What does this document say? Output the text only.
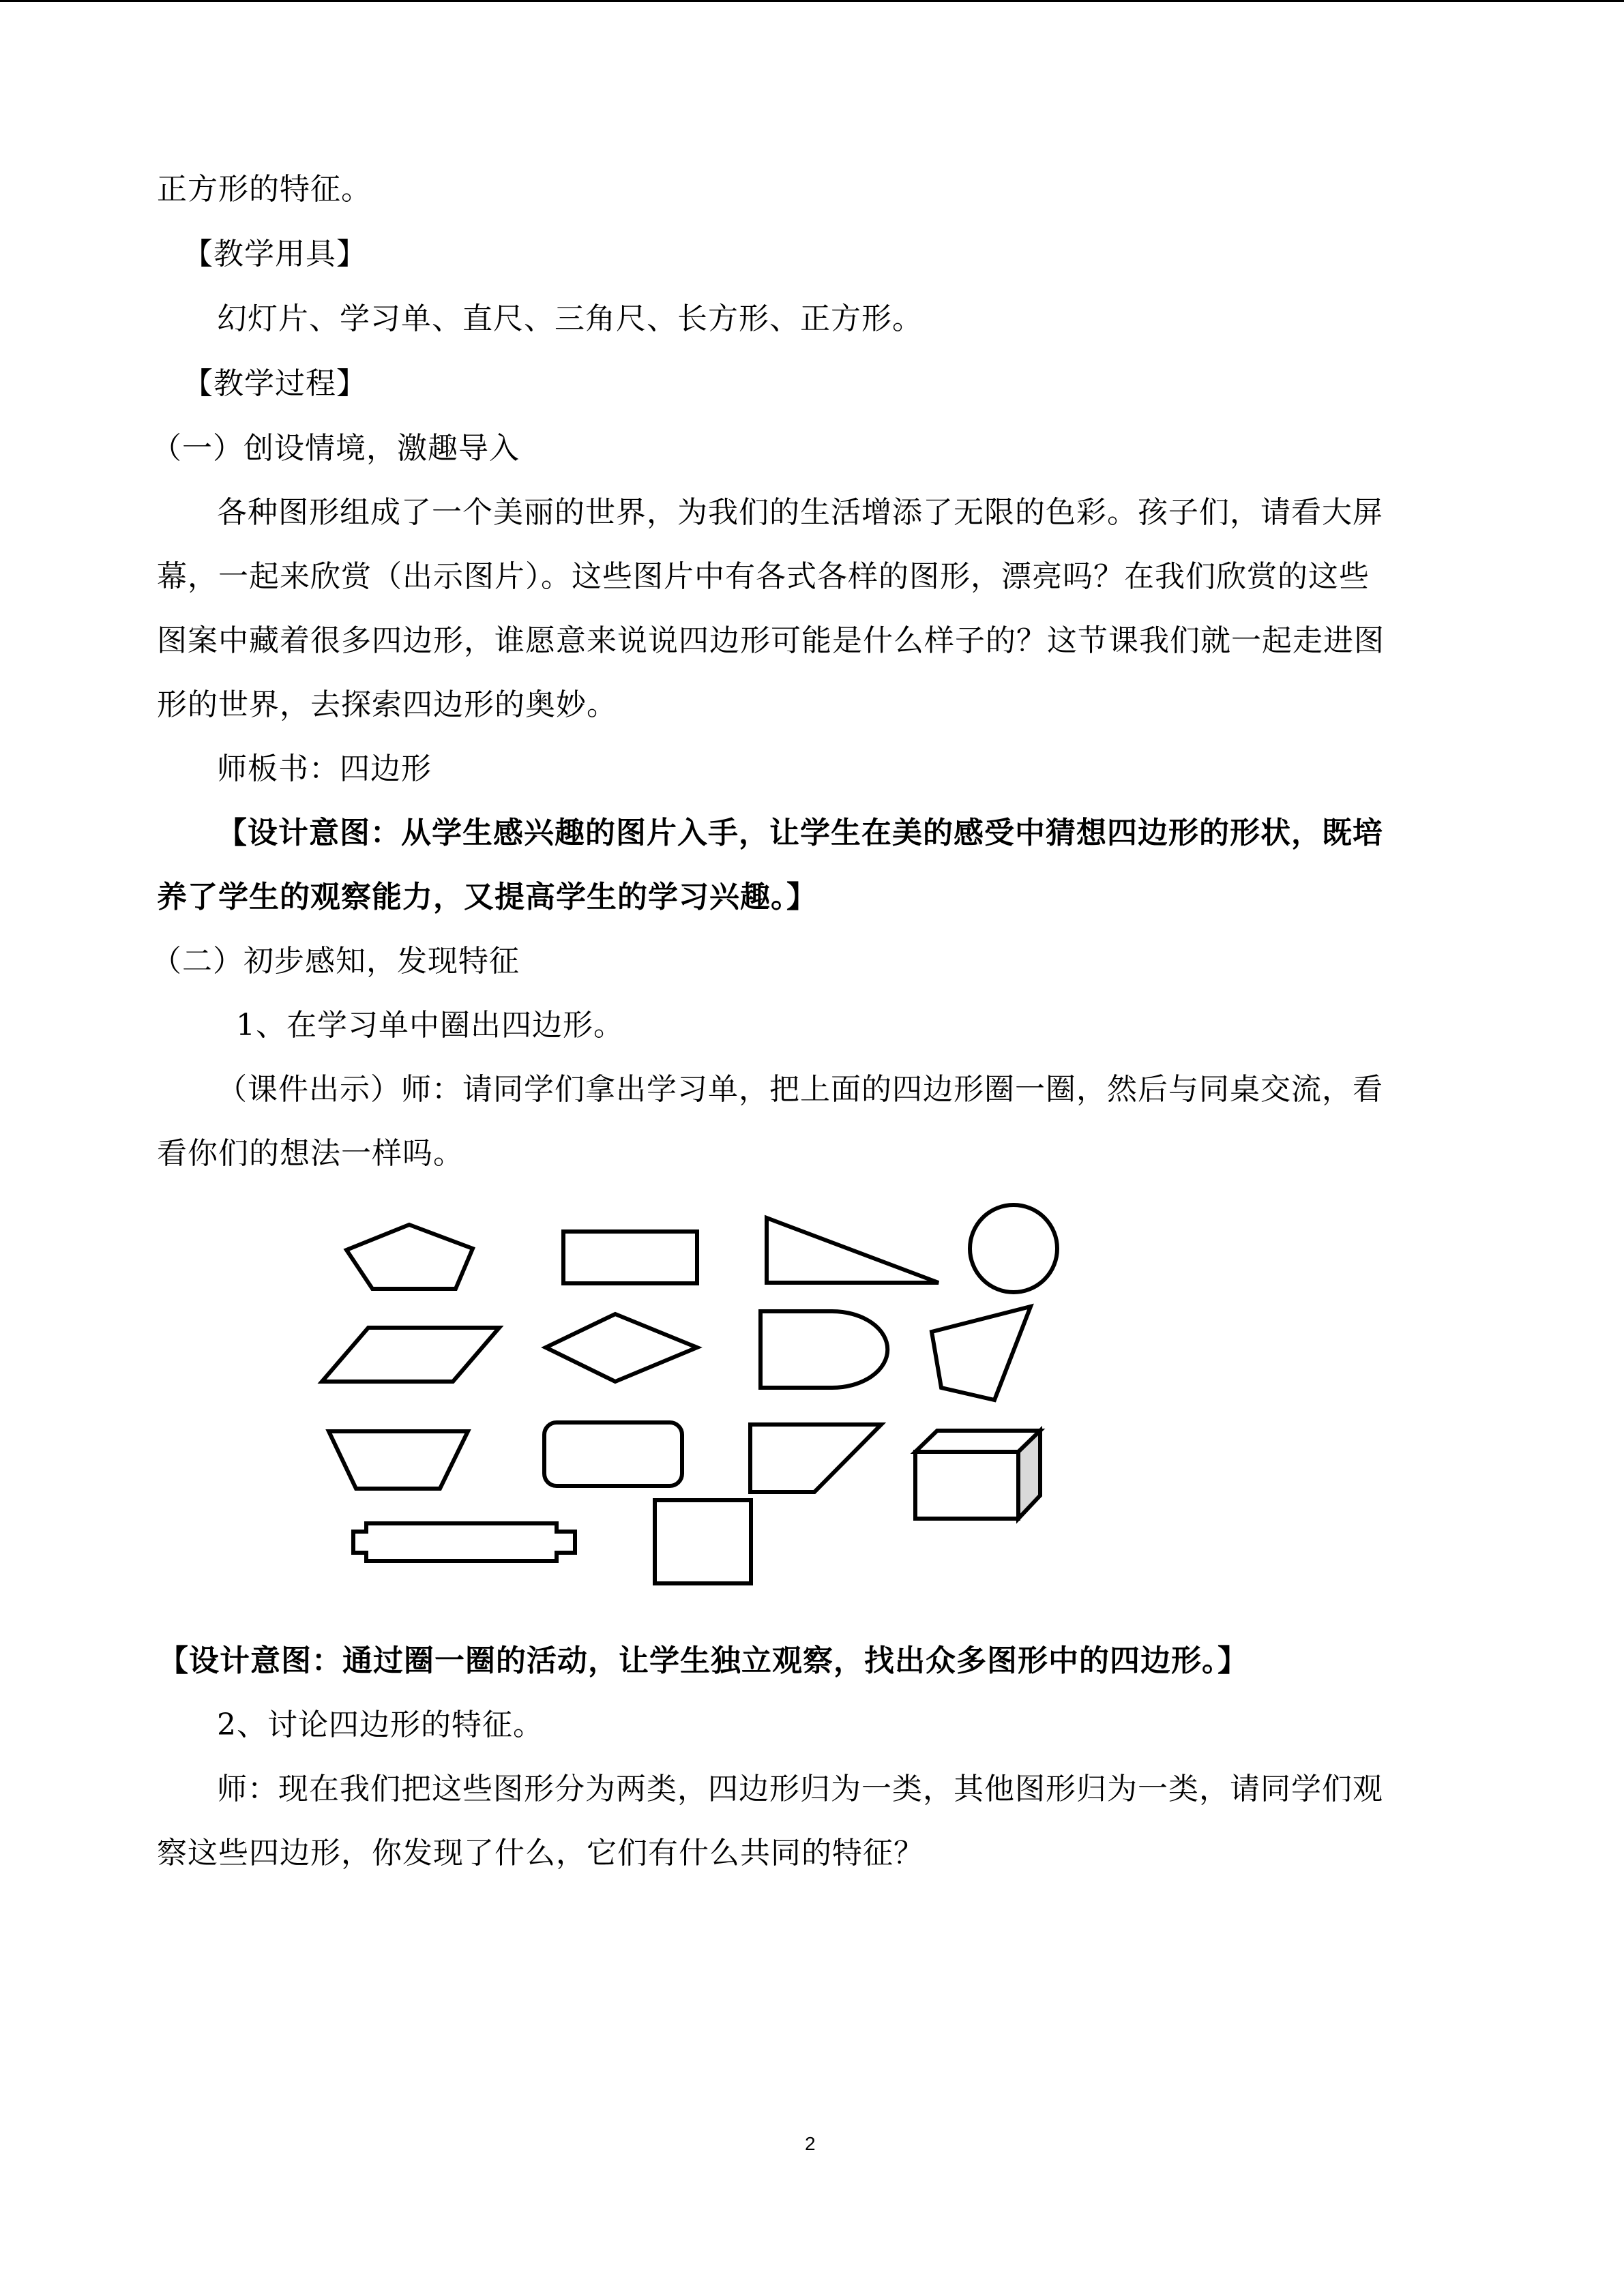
正方形的特征。

【教学用具】

幻灯片、学习单、直尺、三角尺、长方形、正方形。

【教学过程】

（一）创设情境，激趣导入

各种图形组成了一个美丽的世界，为我们的生活增添了无限的色彩。孩子们，请看大屏

幕，一起来欣赏（出示图片）。这些图片中有各式各样的图形，漂亮吗？在我们欣赏的这些

图案中藏着很多四边形，谁愿意来说说四边形可能是什么样子的？这节课我们就一起走进图

形的世界，去探索四边形的奥妙。

师板书：四边形

【设计意图：从学生感兴趣的图片入手，让学生在美的感受中猜想四边形的形状，既培

养了学生的观察能力，又提高学生的学习兴趣。】

（二）初步感知，发现特征

1、在学习单中圈出四边形。

（课件出示）师：请同学们拿出学习单，把上面的四边形圈一圈，然后与同桌交流，看

看你们的想法一样吗。

【设计意图：通过圈一圈的活动，让学生独立观察，找出众多图形中的四边形。】

2、讨论四边形的特征。

师：现在我们把这些图形分为两类，四边形归为一类，其他图形归为一类，请同学们观

察这些四边形，你发现了什么，它们有什么共同的特征？

2
